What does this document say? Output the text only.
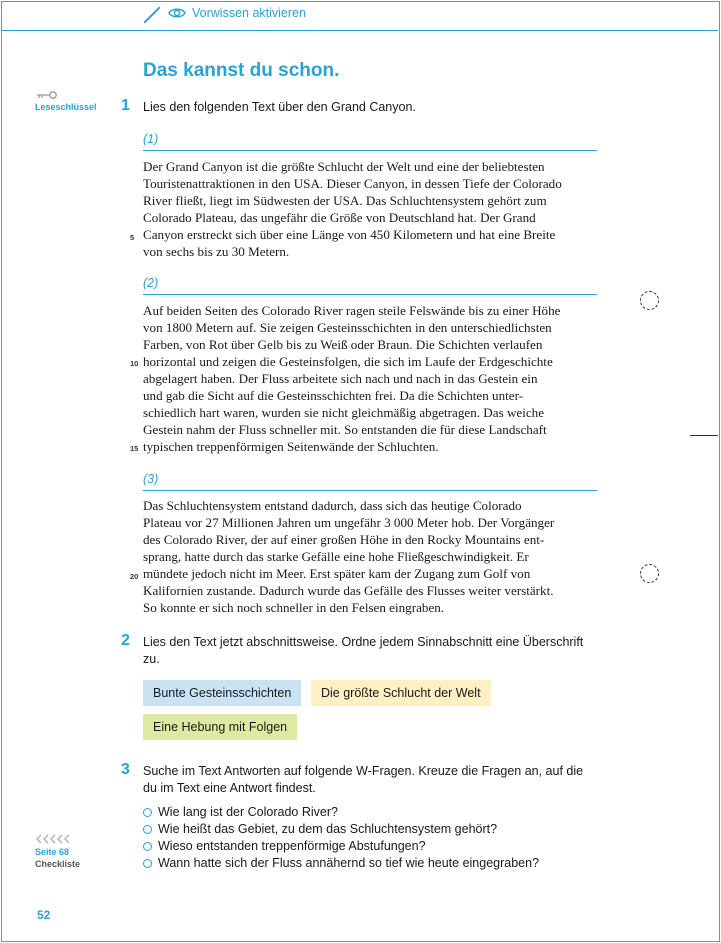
Vorwissen aktivieren
Das kannst du schon.
Leseschlüssel 1 Lies den folgenden Text über den Grand Canyon.
(1)
Der Grand Canyon ist die größte Schlucht der Welt und eine der beliebtesten
Touristenattraktionen in den USA. Dieser Canyon, in dessen Tiefe der Colorado
River fließt, liegt im Südwesten der USA. Das Schluchtensystem gehört zum
Colorado Plateau, das ungefähr die Größe von Deutschland hat. Der Grand
Canyon erstreckt sich über eine Länge von 450 Kilometern und hat eine Breite
von sechs bis zu 30 Metern.
5
(2)
Auf beiden Seiten des Colorado River ragen steile Felswände bis zu einer Höhe
von 1800 Metern auf. Sie zeigen Gesteinsschichten in den unterschiedlichsten
Farben, von Rot über Gelb bis zu Weiß oder Braun. Die Schichten verlaufen
horizontal und zeigen die Gesteinsfolgen, die sich im Laufe der Erdgeschichte
abgelagert haben. Der Fluss arbeitete sich nach und nach in das Gestein ein
und gab die Sicht auf die Gesteinsschichten frei. Da die Schichten unter-
schiedlich hart waren, wurden sie nicht gleichmäßig abgetragen. Das weiche
Gestein nahm der Fluss schneller mit. So entstanden die für diese Landschaft
typischen treppenförmigen Seitenwände der Schluchten.
10
15
(3)
Das Schluchtensystem entstand dadurch, dass sich das heutige Colorado
Plateau vor 27 Millionen Jahren um ungefähr 3 000 Meter hob. Der Vorgänger
des Colorado River, der auf einer großen Höhe in den Rocky Mountains ent-
sprang, hatte durch das starke Gefälle eine hohe Fließgeschwindigkeit. Er
mündete jedoch nicht im Meer. Erst später kam der Zugang zum Golf von
Kalifornien zustande. Dadurch wurde das Gefälle des Flusses weiter verstärkt.
So konnte er sich noch schneller in den Felsen eingraben.
20
2 Lies den Text jetzt abschnittsweise. Ordne jedem Sinnabschnitt eine Überschrift
zu.
Bunte Gesteinsschichten	Die größte Schlucht der Welt
Eine Hebung mit Folgen
3 Suche im Text Antworten auf folgende W-Fragen. Kreuze die Fragen an, auf die
du im Text eine Antwort findest.
Wie lang ist der Colorado River?
Wie heißt das Gebiet, zu dem das Schluchtensystem gehört?
Wieso entstanden treppenförmige Abstufungen?
Wann hatte sich der Fluss annähernd so tief wie heute eingegraben?
Seite 68
Checkliste
52
